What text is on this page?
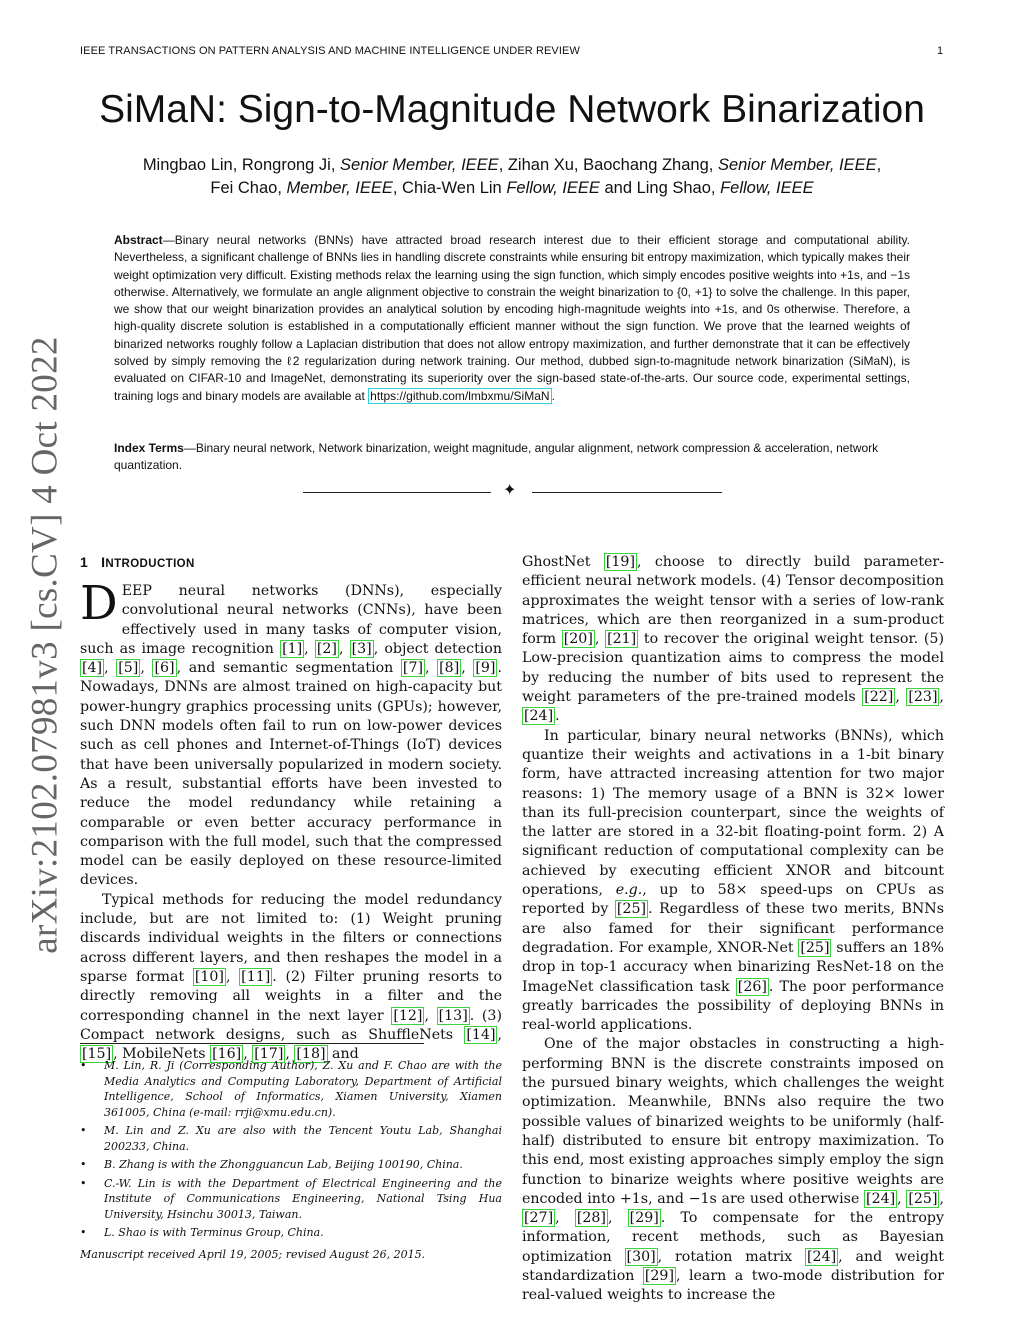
IEEE TRANSACTIONS ON PATTERN ANALYSIS AND MACHINE INTELLIGENCE UNDER REVIEW	1
arXiv:2102.07981v3 [cs.CV] 4 Oct 2022
SiMaN: Sign-to-Magnitude Network Binarization
Mingbao Lin, Rongrong Ji, Senior Member, IEEE, Zihan Xu, Baochang Zhang, Senior Member, IEEE,
Fei Chao, Member, IEEE, Chia-Wen Lin Fellow, IEEE and Ling Shao, Fellow, IEEE
Abstract—Binary neural networks (BNNs) have attracted broad research interest due to their efficient storage and computational ability. Nevertheless, a significant challenge of BNNs lies in handling discrete constraints while ensuring bit entropy maximization, which typically makes their weight optimization very difficult. Existing methods relax the learning using the sign function, which simply encodes positive weights into +1s, and −1s otherwise. Alternatively, we formulate an angle alignment objective to constrain the weight binarization to {0, +1} to solve the challenge. In this paper, we show that our weight binarization provides an analytical solution by encoding high-magnitude weights into +1s, and 0s otherwise. Therefore, a high-quality discrete solution is established in a computationally efficient manner without the sign function. We prove that the learned weights of binarized networks roughly follow a Laplacian distribution that does not allow entropy maximization, and further demonstrate that it can be effectively solved by simply removing the ℓ2 regularization during network training. Our method, dubbed sign-to-magnitude network binarization (SiMaN), is evaluated on CIFAR-10 and ImageNet, demonstrating its superiority over the sign-based state-of-the-arts. Our source code, experimental settings, training logs and binary models are available at https://github.com/lmbxmu/SiMaN .
Index Terms—Binary neural network, Network binarization, weight magnitude, angular alignment, network compression & acceleration, network quantization.
✦
1 INTRODUCTION

DEEP neural networks (DNNs), especially convolutional neural networks (CNNs), have been effectively used in many tasks of computer vision, such as image recognition [1] , [2] , [3] , object detection [4] , [5] , [6] , and semantic segmentation [7] , [8] , [9] . Nowadays, DNNs are almost trained on high-capacity but power-hungry graphics processing units (GPUs); however, such DNN models often fail to run on low-power devices such as cell phones and Internet-of-Things (IoT) devices that have been universally popularized in modern society. As a result, substantial efforts have been invested to reduce the model redundancy while retaining a comparable or even better accuracy performance in comparison with the full model, such that the compressed model can be easily deployed on these resource-limited devices.

Typical methods for reducing the model redundancy include, but are not limited to: (1) Weight pruning discards individual weights in the filters or connections across different layers, and then reshapes the model in a sparse format [10] , [11] . (2) Filter pruning resorts to directly removing all weights in a filter and the corresponding channel in the next layer [12] , [13] . (3) Compact network designs, such as ShuffleNets [14] , [15] , MobileNets [16] , [17] , [18] and

• M. Lin, R. Ji (Corresponding Author), Z. Xu and F. Chao are with the Media Analytics and Computing Laboratory, Department of Artificial Intelligence, School of Informatics, Xiamen University, Xiamen 361005, China (e-mail: rrji@xmu.edu.cn).
• M. Lin and Z. Xu are also with the Tencent Youtu Lab, Shanghai 200233, China.
• B. Zhang is with the Zhongguancun Lab, Beijing 100190, China.
• C.-W. Lin is with the Department of Electrical Engineering and the Institute of Communications Engineering, National Tsing Hua University, Hsinchu 30013, Taiwan.
• L. Shao is with Terminus Group, China.
Manuscript received April 19, 2005; revised August 26, 2015.

GhostNet [19] , choose to directly build parameter-efficient neural network models. (4) Tensor decomposition approximates the weight tensor with a series of low-rank matrices, which are then reorganized in a sum-product form [20] , [21] to recover the original weight tensor. (5) Low-precision quantization aims to compress the model by reducing the number of bits used to represent the weight parameters of the pre-trained models [22] , [23] , [24] .

In particular, binary neural networks (BNNs), which quantize their weights and activations in a 1-bit binary form, have attracted increasing attention for two major reasons: 1) The memory usage of a BNN is 32× lower than its full-precision counterpart, since the weights of the latter are stored in a 32-bit floating-point form. 2) A significant reduction of computational complexity can be achieved by executing efficient XNOR and bitcount operations, e.g., up to 58× speed-ups on CPUs as reported by [25] . Regardless of these two merits, BNNs are also famed for their significant performance degradation. For example, XNOR-Net [25] suffers an 18% drop in top-1 accuracy when binarizing ResNet-18 on the ImageNet classification task [26] . The poor performance greatly barricades the possibility of deploying BNNs in real-world applications.

One of the major obstacles in constructing a high-performing BNN is the discrete constraints imposed on the pursued binary weights, which challenges the weight optimization. Meanwhile, BNNs also require the two possible values of binarized weights to be uniformly (half-half) distributed to ensure bit entropy maximization. To this end, most existing approaches simply employ the sign function to binarize weights where positive weights are encoded into +1s, and −1s are used otherwise [24] , [25] , [27] , [28] , [29] . To compensate for the entropy information, recent methods, such as Bayesian optimization [30] , rotation matrix [24] , and weight standardization [29] , learn a two-mode distribution for real-valued weights to increase the
